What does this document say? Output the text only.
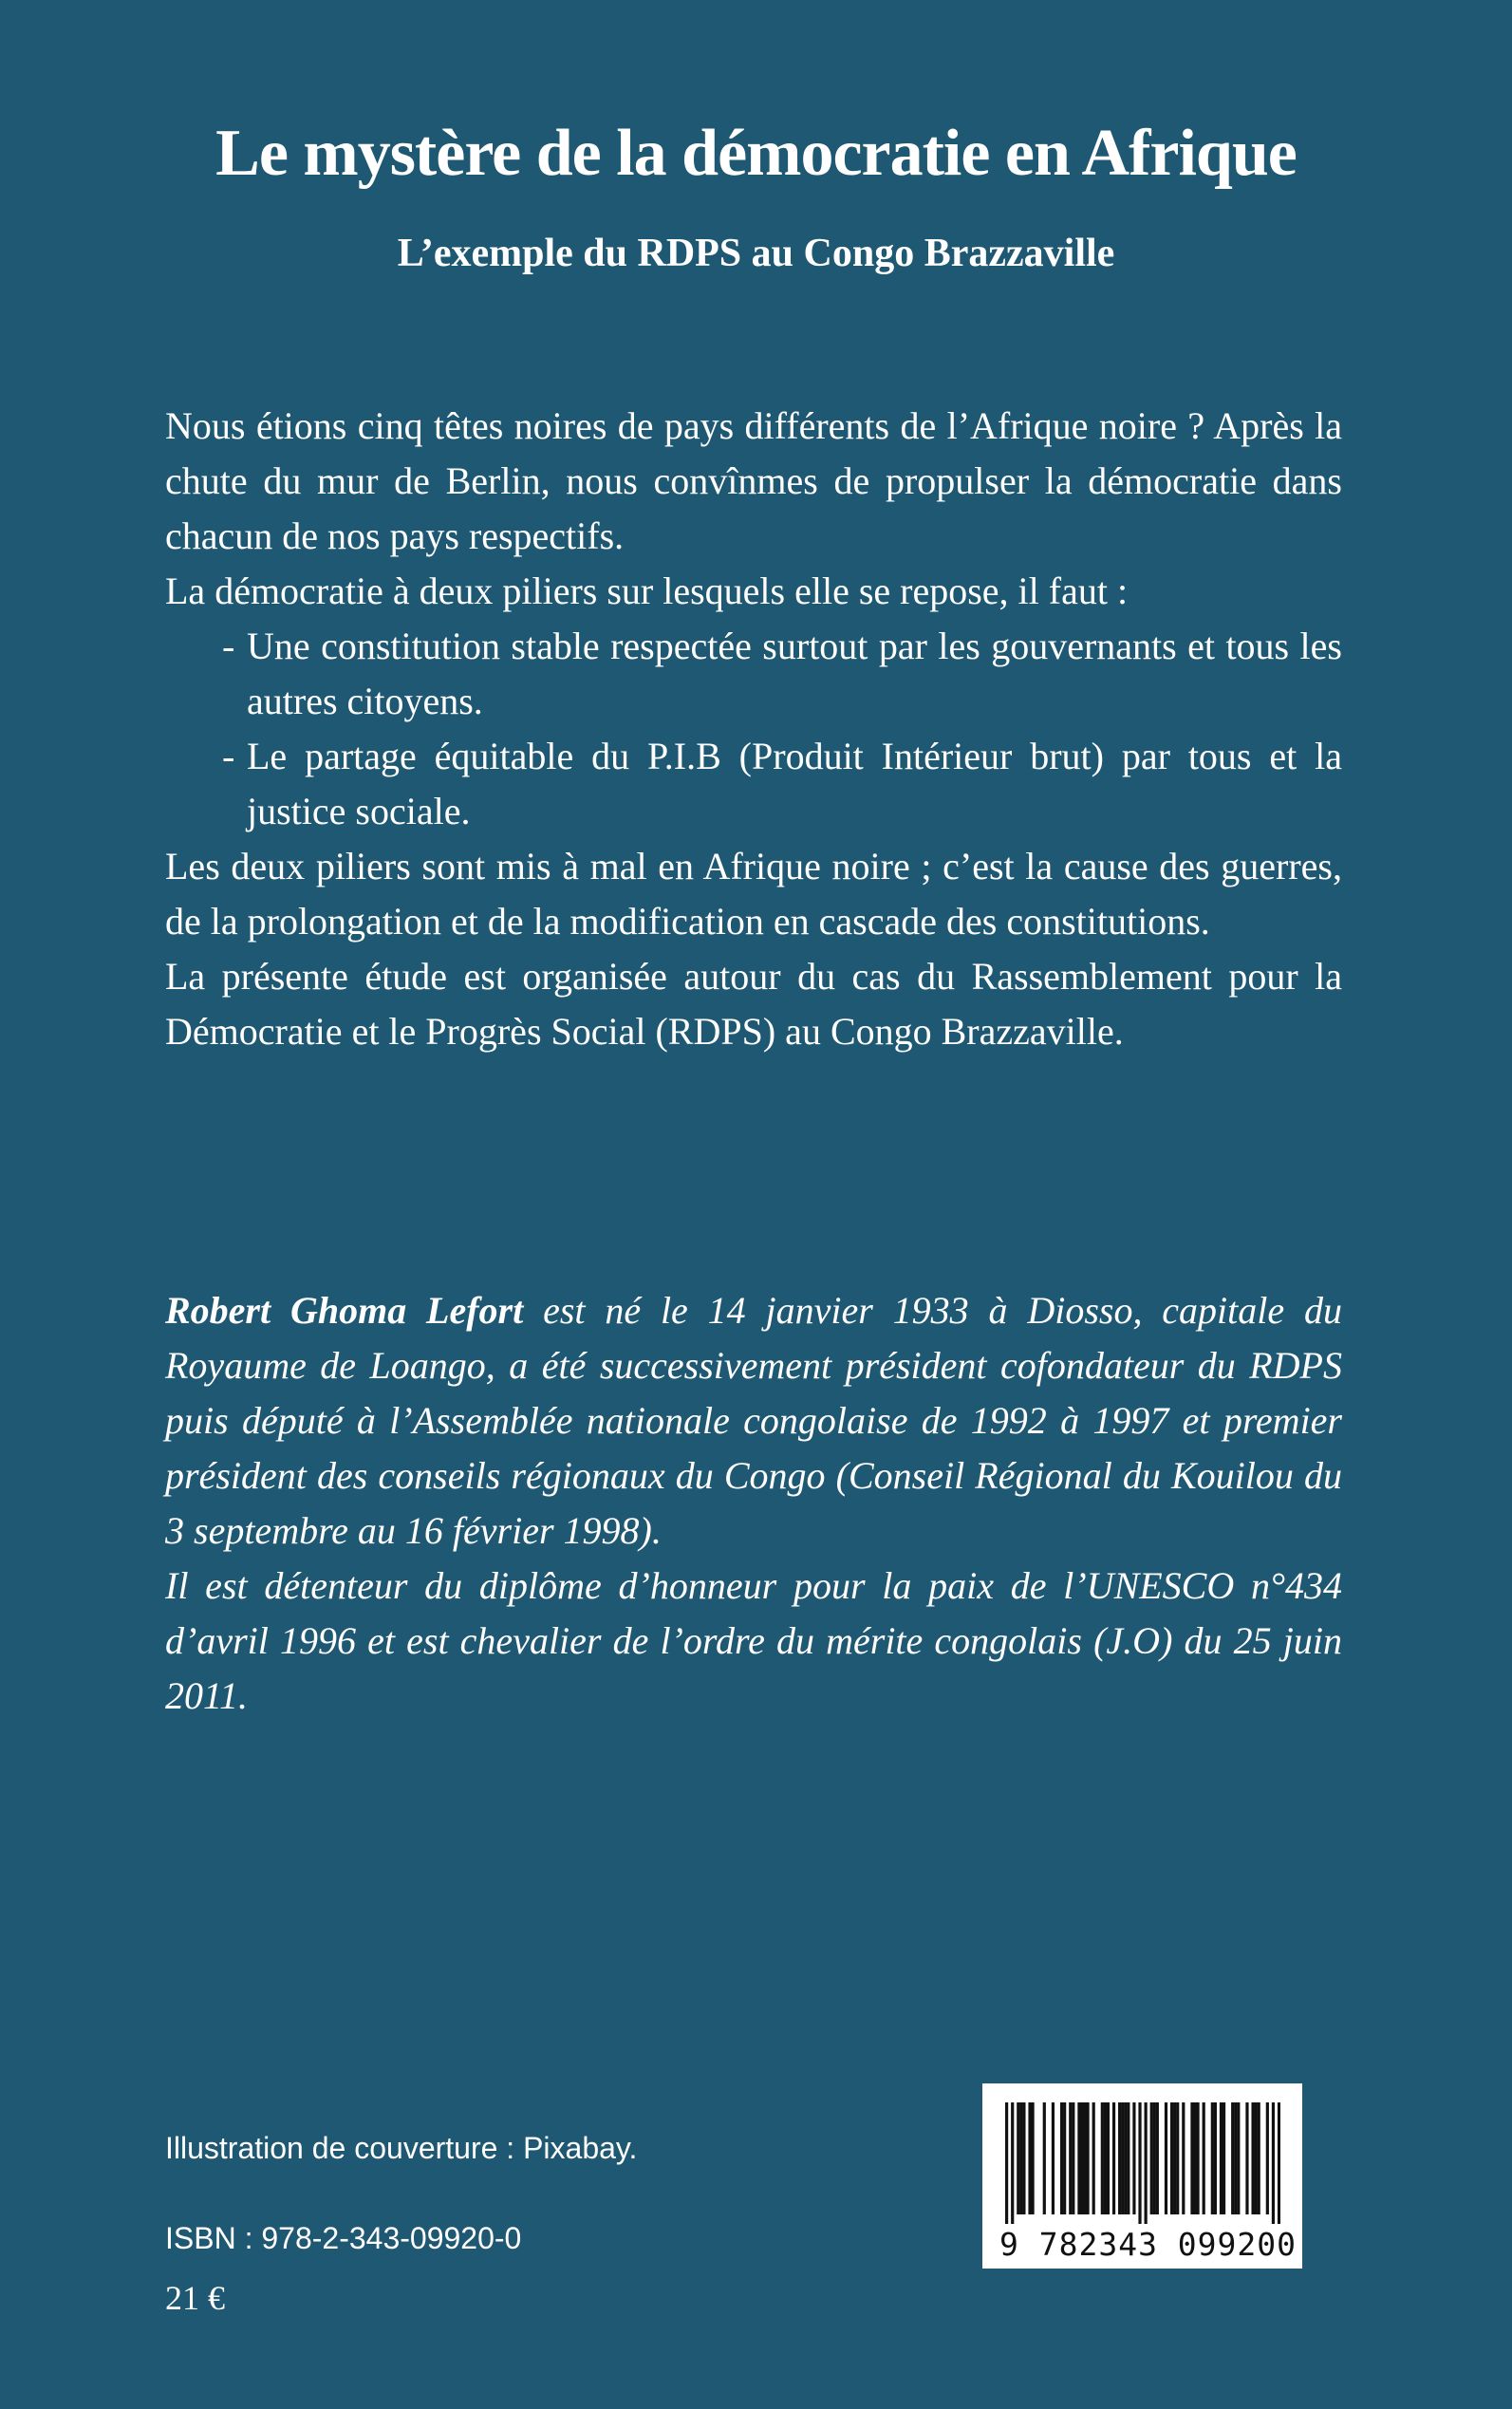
Le mystère de la démocratie en Afrique
L’exemple du RDPS au Congo Brazzaville

Nous étions cinq têtes noires de pays différents de l’Afrique noire ? Après la chute du mur de Berlin, nous convînmes de propulser la démocratie dans chacun de nos pays respectifs.

La démocratie à deux piliers sur lesquels elle se repose, il faut :

- Une constitution stable respectée surtout par les gouvernants et tous les autres citoyens.
- Le partage équitable du P.I.B (Produit Intérieur brut) par tous et la justice sociale.

Les deux piliers sont mis à mal en Afrique noire ; c’est la cause des guerres, de la prolongation et de la modification en cascade des constitutions.

La présente étude est organisée autour du cas du Rassemblement pour la Démocratie et le Progrès Social (RDPS) au Congo Brazzaville.

Robert Ghoma Lefort est né le 14 janvier 1933 à Diosso, capitale du Royaume de Loango, a été successivement président cofondateur du RDPS puis député à l’Assemblée nationale congolaise de 1992 à 1997 et premier président des conseils régionaux du Congo (Conseil Régional du Kouilou du 3 septembre au 16 février 1998).

Il est détenteur du diplôme d’honneur pour la paix de l’UNESCO n°434 d’avril 1996 et est chevalier de l’ordre du mérite congolais (J.O) du 25 juin 2011.

Illustration de couverture : Pixabay.
ISBN : 978-2-343-09920-0
21 €
9 782343 099200
